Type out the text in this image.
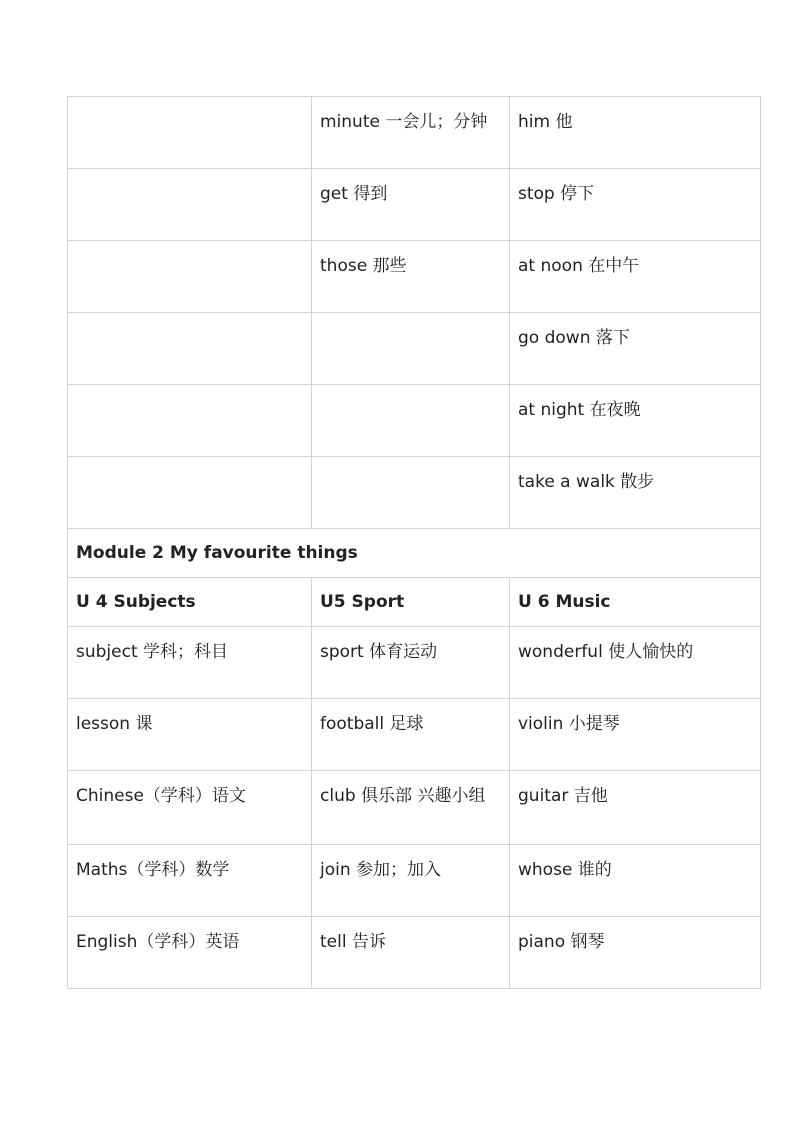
	minute 一会儿；分钟	him 他
	get 得到	stop 停下
	those 那些	at noon 在中午
		go down 落下
		at night 在夜晚
		take a walk 散步
Module 2 My favourite things		
U 4 Subjects	U5 Sport	U 6 Music
subject 学科；科目	sport 体育运动	wonderful 使人愉快的
lesson 课	football 足球	violin 小提琴
Chinese（学科）语文	club 俱乐部 兴趣小组	guitar 吉他
Maths（学科）数学	join 参加；加入	whose 谁的
English（学科）英语	tell 告诉	piano 钢琴
